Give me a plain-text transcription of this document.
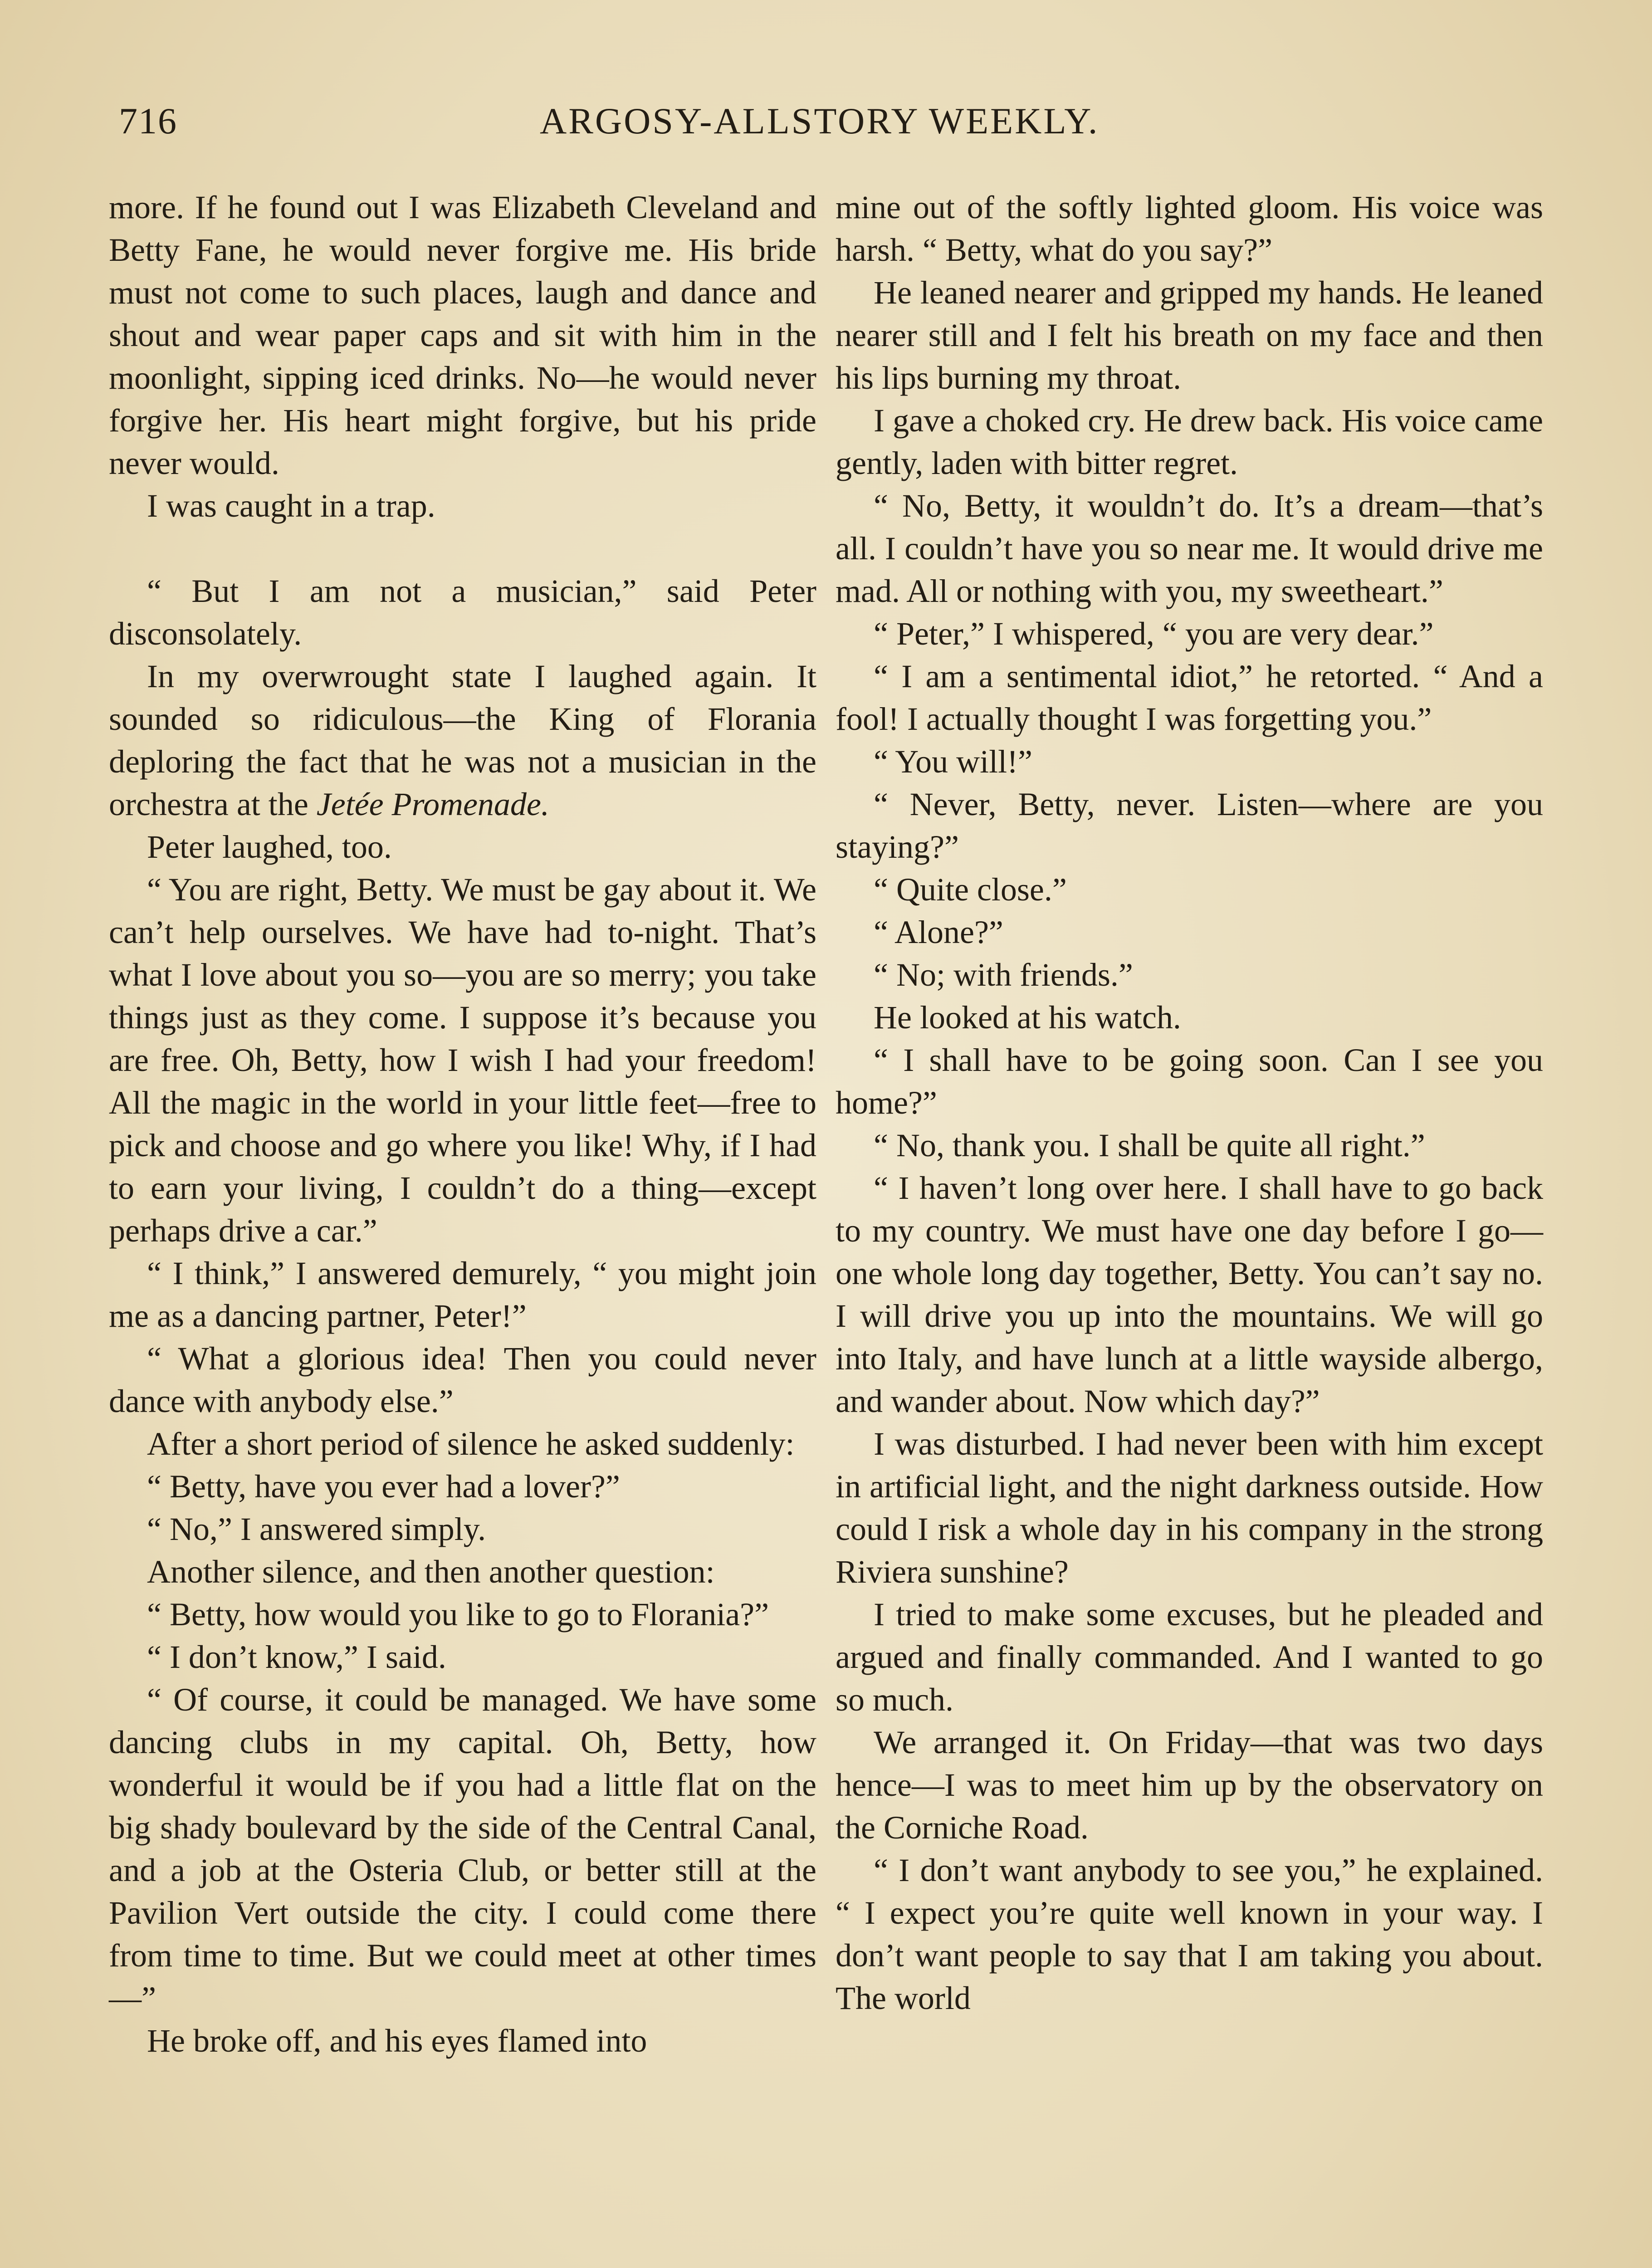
716	ARGOSY-ALLSTORY WEEKLY.

more. If he found out I was Elizabeth Cleveland and Betty Fane, he would never forgive me. His bride must not come to such places, laugh and dance and shout and wear paper caps and sit with him in the moonlight, sipping iced drinks. No—he would never forgive her. His heart might forgive, but his pride never would.

I was caught in a trap.

“ But I am not a musician,” said Peter disconsolately.

In my overwrought state I laughed again. It sounded so ridiculous—the King of Florania deploring the fact that he was not a musician in the orchestra at the Jetée Promenade.

Peter laughed, too.

“ You are right, Betty. We must be gay about it. We can’t help ourselves. We have had to-night. That’s what I love about you so—you are so merry; you take things just as they come. I suppose it’s because you are free. Oh, Betty, how I wish I had your freedom! All the magic in the world in your little feet—free to pick and choose and go where you like! Why, if I had to earn your living, I couldn’t do a thing—except perhaps drive a car.”

“ I think,” I answered demurely, “ you might join me as a dancing partner, Peter!”

“ What a glorious idea! Then you could never dance with anybody else.”

After a short period of silence he asked suddenly:

“ Betty, have you ever had a lover?”

“ No,” I answered simply.

Another silence, and then another question:

“ Betty, how would you like to go to Florania?”

“ I don’t know,” I said.

“ Of course, it could be managed. We have some dancing clubs in my capital. Oh, Betty, how wonderful it would be if you had a little flat on the big shady boulevard by the side of the Central Canal, and a job at the Osteria Club, or better still at the Pavilion Vert outside the city. I could come there from time to time. But we could meet at other times—”

He broke off, and his eyes flamed into

mine out of the softly lighted gloom. His voice was harsh. “ Betty, what do you say?”

He leaned nearer and gripped my hands. He leaned nearer still and I felt his breath on my face and then his lips burning my throat.

I gave a choked cry. He drew back. His voice came gently, laden with bitter regret.

“ No, Betty, it wouldn’t do. It’s a dream—that’s all. I couldn’t have you so near me. It would drive me mad. All or nothing with you, my sweetheart.”

“ Peter,” I whispered, “ you are very dear.”

“ I am a sentimental idiot,” he retorted. “ And a fool! I actually thought I was forgetting you.”

“ You will!”

“ Never, Betty, never. Listen—where are you staying?”

“ Quite close.”

“ Alone?”

“ No; with friends.”

He looked at his watch.

“ I shall have to be going soon. Can I see you home?”

“ No, thank you. I shall be quite all right.”

“ I haven’t long over here. I shall have to go back to my country. We must have one day before I go—one whole long day together, Betty. You can’t say no. I will drive you up into the mountains. We will go into Italy, and have lunch at a little wayside albergo, and wander about. Now which day?”

I was disturbed. I had never been with him except in artificial light, and the night darkness outside. How could I risk a whole day in his company in the strong Riviera sunshine?

I tried to make some excuses, but he pleaded and argued and finally commanded. And I wanted to go so much.

We arranged it. On Friday—that was two days hence—I was to meet him up by the observatory on the Corniche Road.

“ I don’t want anybody to see you,” he explained. “ I expect you’re quite well known in your way. I don’t want people to say that I am taking you about. The world
